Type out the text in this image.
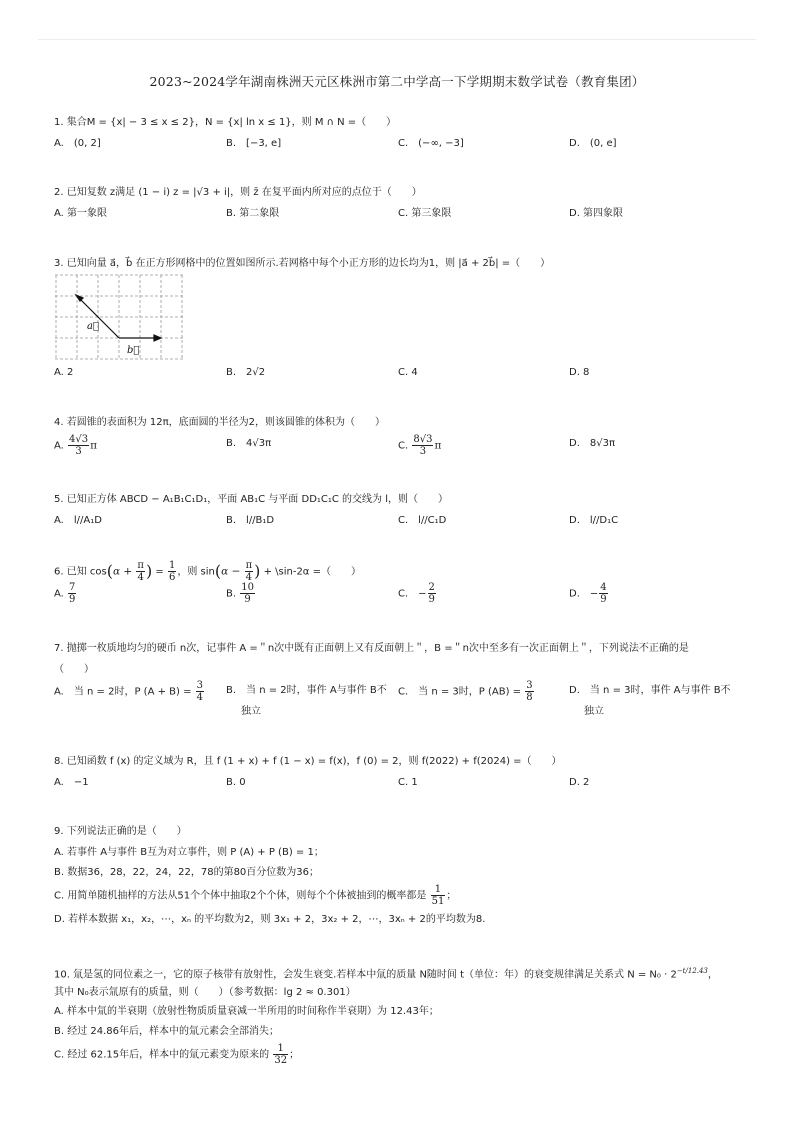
2023~2024学年湖南株洲天元区株洲市第二中学高一下学期期末数学试卷（教育集团）
1. 集合M = {x| − 3 ≤ x ≤ 2}，N = {x| ln x ≤ 1}，则 M ∩ N =（　　）
A.　(0, 2]	B.　[−3, e]	C.　(−∞, −3]	D.　(0, e]
2. 已知复数 z满足 (1 − i) z = |√3 + i|，则 z̄ 在复平面内所对应的点位于（　　）
A. 第一象限	B. 第二象限	C. 第三象限	D. 第四象限
3. 已知向量 a⃗，b⃗ 在正方形网格中的位置如图所示.若网格中每个小正方形的边长均为1，则 |a⃗ + 2b⃗| =（　　）
a⃗
b⃗
A. 2	B.　2√2	C. 4	D. 8
4. 若圆锥的表面积为 12π，底面圆的半径为2，则该圆锥的体积为（　　）
A. $\frac{4√3}{3}$ π	B.　4√3π	C. $\frac{8√3}{3}$ π	D.　8√3π
5. 已知正方体 ABCD − A₁B₁C₁D₁，平面 AB₁C 与平面 DD₁C₁C 的交线为 l，则（　　）
A.　l//A₁D	B.　l//B₁D	C.　l//C₁D	D.　l//D₁C
6. 已知 $\cos(\alpha + \frac{\pi}{4}$ ) = $\frac{1}{6}$ ，则 $\sin(\alpha - \frac{\pi}{4}$ ) + \sin-2α =（　　）
A. $\frac{7}{9}$	B. $\frac{10}{9}$	C.　− $\frac{2}{9}$	D.　− $\frac{4}{9}$
7. 抛掷一枚质地均匀的硬币 n次，记事件 A =＂n次中既有正面朝上又有反面朝上＂，B =＂n次中至多有一次正面朝上＂，下列说法不正确的是
（　　）
A.　当 n = 2时，P $(A + B) = \frac{3}{4} B$.　当 n = 2时，事件 A与事件 B不
独立
C.　当 n = 3时，P $(AB) = \frac{3}{8}$	D.　当 n = 3时，事件 A与事件 B不
独立
8. 已知函数 f (x) 的定义域为 R，且 f (1 + x) + f (1 − x) = f(x)，f (0) = 2，则 f(2022) + f(2024) =（　　）
A.　−1	B. 0	C. 1	D. 2
9. 下列说法正确的是（　　）
A. 若事件 A与事件 B互为对立事件，则 P (A) + P (B) = 1；
B. 数据36，28，22，24，22，78的第80百分位数为36；
C. 用简单随机抽样的方法从51个个体中抽取2个个体，则每个个体被抽到的概率都是 $\frac{1}{51}$ ；
D. 若样本数据 x₁，x₂，⋯，xₙ 的平均数为2，则 3x₁ + 2，3x₂ + 2，⋯，3xₙ + 2的平均数为8.
10. 氚是氢的同位素之一，它的原子核带有放射性，会发生衰变.若样本中氚的质量 N随时间 t（单位：年）的衰变规律满足关系式 $N = N_0 \cdot 2^{-t/12.43}$，
其中 N₀表示氚原有的质量，则（　　）（参考数据：lg 2 ≈ 0.301）
A. 样本中氚的半衰期（放射性物质质量衰减一半所用的时间称作半衰期）为 12.43年；
B. 经过 24.86年后，样本中的氚元素会全部消失；
C. 经过 62.15年后，样本中的氚元素变为原来的 $\frac{1}{32}$ ；
